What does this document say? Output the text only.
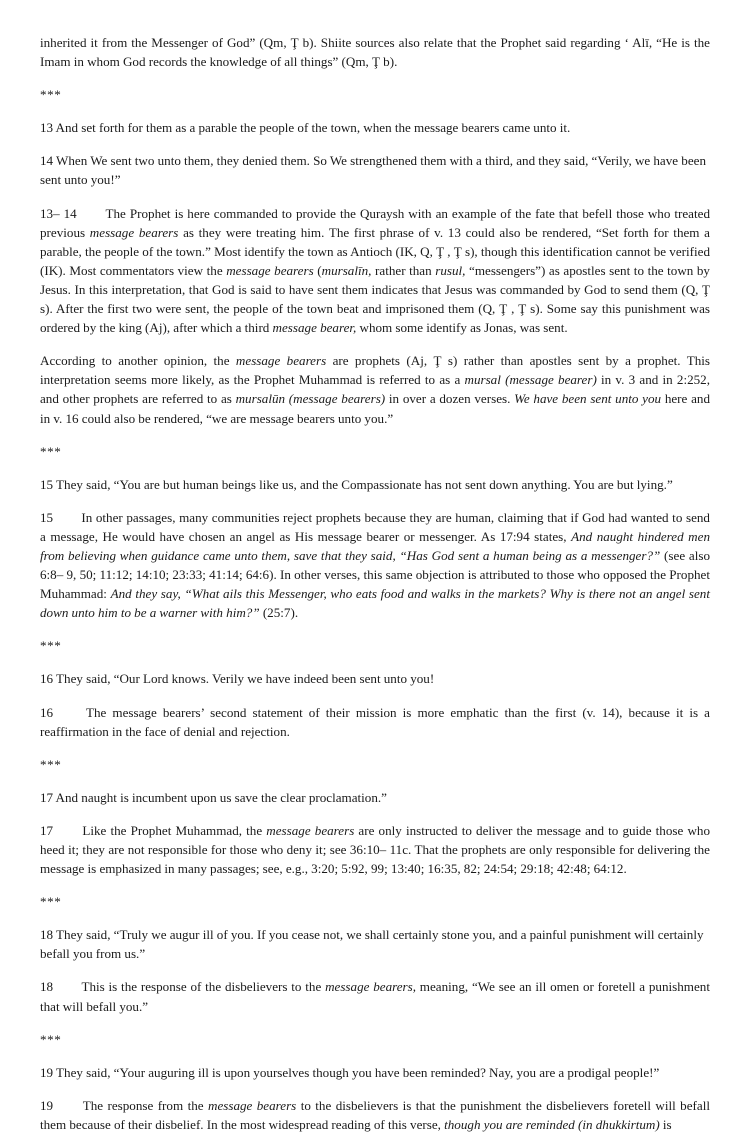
inherited it from the Messenger of God” (Qm, Ţ b). Shiite sources also relate that the Prophet said regarding ʻ Alī, “He is the Imam in whom God records the knowledge of all things” (Qm, Ţ b).

***

13 And set forth for them as a parable the people of the town, when the message bearers came unto it.

14 When We sent two unto them, they denied them. So We strengthened them with a third, and they said, “Verily, we have been sent unto you!”

13– 14  The Prophet is here commanded to provide the Quraysh with an example of the fate that befell those who treated previous message bearers as they were treating him. The first phrase of v. 13 could also be rendered, “Set forth for them a parable, the people of the town.” Most identify the town as Antioch (IK, Q, Ţ , Ţ s), though this identification cannot be verified (IK). Most commentators view the message bearers (mursalīn, rather than rusul, “messengers”) as apostles sent to the town by Jesus. In this interpretation, that God is said to have sent them indicates that Jesus was commanded by God to send them (Q, Ţ s). After the first two were sent, the people of the town beat and imprisoned them (Q, Ţ , Ţ s). Some say this punishment was ordered by the king (Aj), after which a third message bearer, whom some identify as Jonas, was sent.

According to another opinion, the message bearers are prophets (Aj, Ţ s) rather than apostles sent by a prophet. This interpretation seems more likely, as the Prophet Muhammad is referred to as a mursal (message bearer) in v. 3 and in 2:252, and other prophets are referred to as mursalūn (message bearers) in over a dozen verses. We have been sent unto you here and in v. 16 could also be rendered, “we are message bearers unto you.”

***

15 They said, “You are but human beings like us, and the Compassionate has not sent down anything. You are but lying.”

15  In other passages, many communities reject prophets because they are human, claiming that if God had wanted to send a message, He would have chosen an angel as His message bearer or messenger. As 17:94 states, And naught hindered men from believing when guidance came unto them, save that they said, “Has God sent a human being as a messenger?” (see also 6:8– 9, 50; 11:12; 14:10; 23:33; 41:14; 64:6). In other verses, this same objection is attributed to those who opposed the Prophet Muhammad: And they say, “What ails this Messenger, who eats food and walks in the markets? Why is there not an angel sent down unto him to be a warner with him?” (25:7).

***

16 They said, “Our Lord knows. Verily we have indeed been sent unto you!

16  The message bearers’ second statement of their mission is more emphatic than the first (v. 14), because it is a reaffirmation in the face of denial and rejection.

***

17 And naught is incumbent upon us save the clear proclamation.”

17  Like the Prophet Muhammad, the message bearers are only instructed to deliver the message and to guide those who heed it; they are not responsible for those who deny it; see 36:10– 11c. That the prophets are only responsible for delivering the message is emphasized in many passages; see, e.g., 3:20; 5:92, 99; 13:40; 16:35, 82; 24:54; 29:18; 42:48; 64:12.

***

18 They said, “Truly we augur ill of you. If you cease not, we shall certainly stone you, and a painful punishment will certainly befall you from us.”

18  This is the response of the disbelievers to the message bearers, meaning, “We see an ill omen or foretell a punishment that will befall you.”

***

19 They said, “Your auguring ill is upon yourselves though you have been reminded? Nay, you are a prodigal people!”

19  The response from the message bearers to the disbelievers is that the punishment the disbelievers foretell will befall them because of their disbelief. In the most widespread reading of this verse, though you are reminded (in dhukkirtum) is
